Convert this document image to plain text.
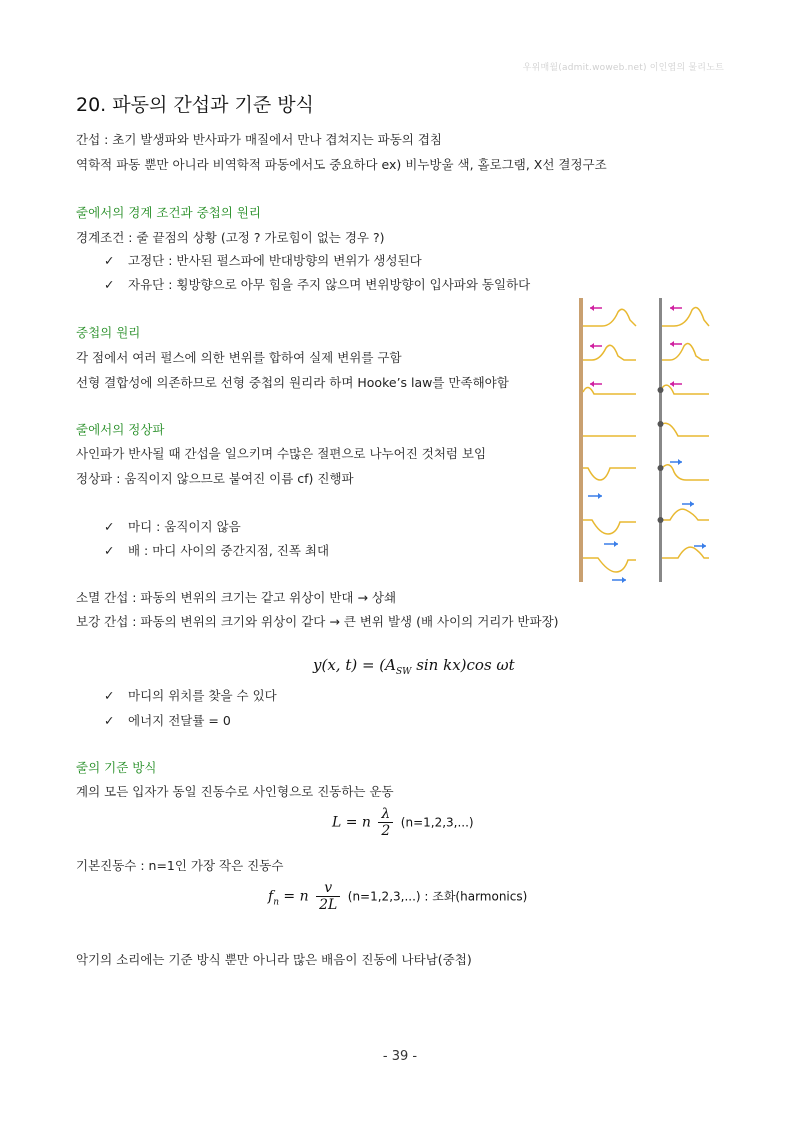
우위매월(admit.woweb.net) 이인엽의 물리노트
20. 파동의 간섭과 기준 방식
간섭 : 초기 발생파와 반사파가 매질에서 만나 겹쳐지는 파동의 겹침
역학적 파동 뿐만 아니라 비역학적 파동에서도 중요하다 ex) 비누방울 색, 홀로그램, X선 결정구조
줄에서의 경계 조건과 중첩의 원리
경계조건 : 줄 끝점의 상황 (고정 ? 가로힘이 없는 경우 ?)
✓ 고정단 : 반사된 펄스파에 반대방향의 변위가 생성된다
✓ 자유단 : 횡방향으로 아무 힘을 주지 않으며 변위방향이 입사파와 동일하다
중첩의 원리
각 점에서 여러 펄스에 의한 변위를 합하여 실제 변위를 구함
선형 결합성에 의존하므로 선형 중첩의 원리라 하며 Hooke’s law를 만족해야함
줄에서의 정상파
사인파가 반사될 때 간섭을 일으키며 수많은 절편으로 나누어진 것처럼 보임
정상파 : 움직이지 않으므로 붙여진 이름 cf) 진행파
✓ 마디 : 움직이지 않음
✓ 배 : 마디 사이의 중간지점, 진폭 최대
소멸 간섭 : 파동의 변위의 크기는 같고 위상이 반대 → 상쇄
보강 간섭 : 파동의 변위의 크기와 위상이 같다 → 큰 변위 발생 (배 사이의 거리가 반파장)
y(x, $t) = (A_{SW}$ sin kx)cos ωt
✓ 마디의 위치를 찾을 수 있다
✓ 에너지 전달률 = 0
줄의 기준 방식
계의 모든 입자가 동일 진동수로 사인형으로 진동하는 운동
L = n $\frac{\lambda}{2} (n=1,2,3,...)$
기본진동수 : n=1인 가장 작은 진동수
$f_n = n \frac{v}{2L} (n=1,2,3,...)$ : 조화(harmonics)
악기의 소리에는 기준 방식 뿐만 아니라 많은 배음이 진동에 나타남(중첩)
- 39 -
